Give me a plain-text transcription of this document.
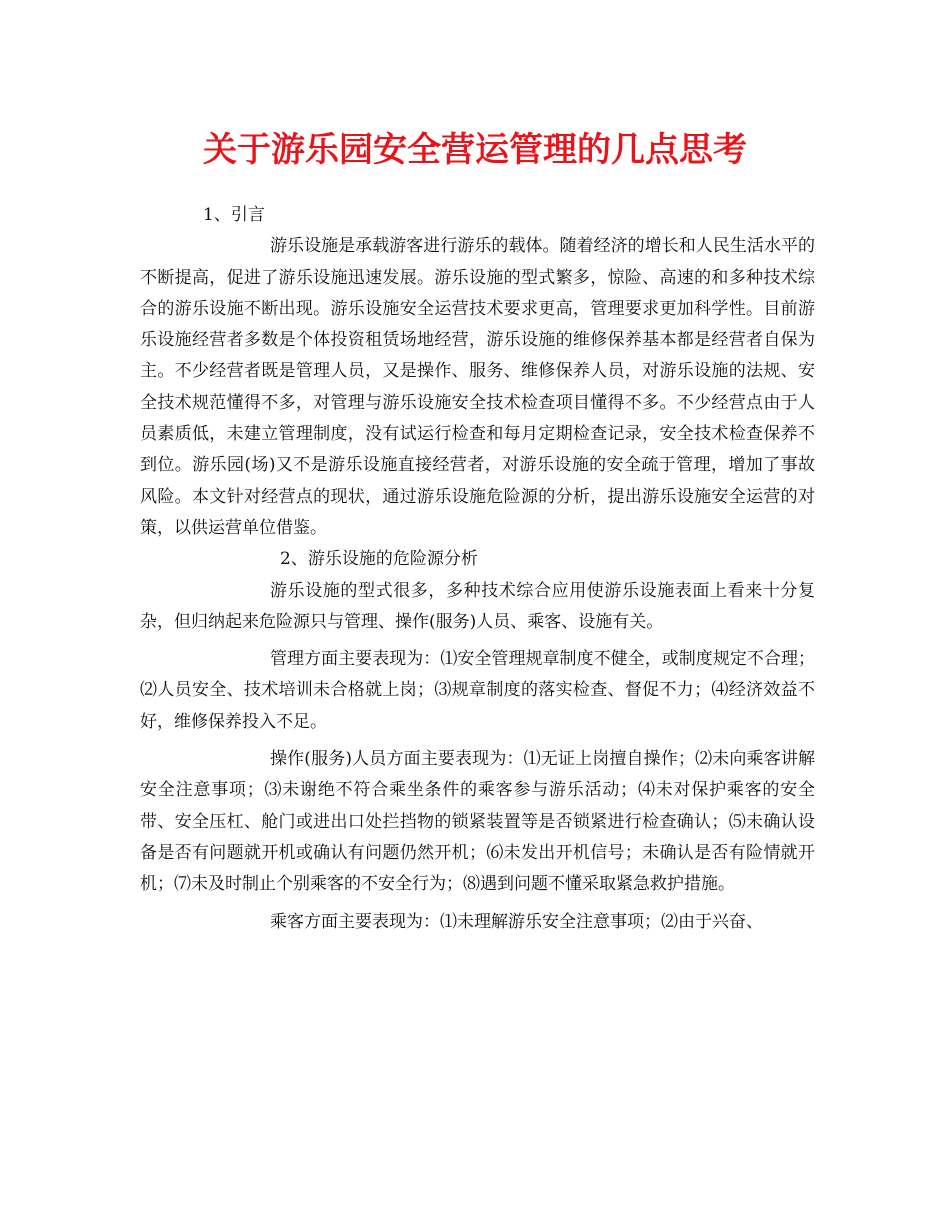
关于游乐园安全营运管理的几点思考

1、引言

游乐设施是承载游客进行游乐的载体。随着经济的增长和人民生活水平的不断提高，促进了游乐设施迅速发展。游乐设施的型式繁多，惊险、高速的和多种技术综合的游乐设施不断出现。游乐设施安全运营技术要求更高，管理要求更加科学性。目前游乐设施经营者多数是个体投资租赁场地经营，游乐设施的维修保养基本都是经营者自保为主。不少经营者既是管理人员，又是操作、服务、维修保养人员，对游乐设施的法规、安全技术规范懂得不多，对管理与游乐设施安全技术检查项目懂得不多。不少经营点由于人员素质低，未建立管理制度，没有试运行检查和每月定期检查记录，安全技术检查保养不到位。游乐园(场)又不是游乐设施直接经营者，对游乐设施的安全疏于管理，增加了事故风险。本文针对经营点的现状，通过游乐设施危险源的分析，提出游乐设施安全运营的对策，以供运营单位借鉴。

2、游乐设施的危险源分析

游乐设施的型式很多，多种技术综合应用使游乐设施表面上看来十分复杂，但归纳起来危险源只与管理、操作(服务)人员、乘客、设施有关。

管理方面主要表现为：⑴安全管理规章制度不健全，或制度规定不合理；⑵人员安全、技术培训未合格就上岗；⑶规章制度的落实检查、督促不力；⑷经济效益不好，维修保养投入不足。

操作(服务)人员方面主要表现为：⑴无证上岗擅自操作；⑵未向乘客讲解安全注意事项；⑶未谢绝不符合乘坐条件的乘客参与游乐活动；⑷未对保护乘客的安全带、安全压杠、舱门或进出口处拦挡物的锁紧装置等是否锁紧进行检查确认；⑸未确认设备是否有问题就开机或确认有问题仍然开机；⑹未发出开机信号；未确认是否有险情就开机；⑺未及时制止个别乘客的不安全行为；⑻遇到问题不懂采取紧急救护措施。

乘客方面主要表现为：⑴未理解游乐安全注意事项；⑵由于兴奋、
